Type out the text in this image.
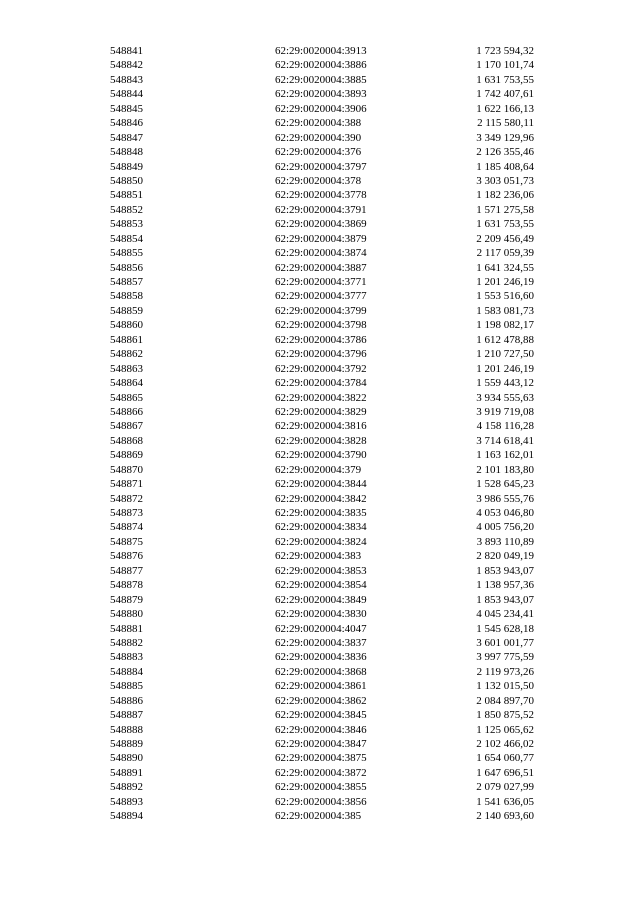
548841	62:29:0020004:3913	1 723 594,32
548842	62:29:0020004:3886	1 170 101,74
548843	62:29:0020004:3885	1 631 753,55
548844	62:29:0020004:3893	1 742 407,61
548845	62:29:0020004:3906	1 622 166,13
548846	62:29:0020004:388	2 115 580,11
548847	62:29:0020004:390	3 349 129,96
548848	62:29:0020004:376	2 126 355,46
548849	62:29:0020004:3797	1 185 408,64
548850	62:29:0020004:378	3 303 051,73
548851	62:29:0020004:3778	1 182 236,06
548852	62:29:0020004:3791	1 571 275,58
548853	62:29:0020004:3869	1 631 753,55
548854	62:29:0020004:3879	2 209 456,49
548855	62:29:0020004:3874	2 117 059,39
548856	62:29:0020004:3887	1 641 324,55
548857	62:29:0020004:3771	1 201 246,19
548858	62:29:0020004:3777	1 553 516,60
548859	62:29:0020004:3799	1 583 081,73
548860	62:29:0020004:3798	1 198 082,17
548861	62:29:0020004:3786	1 612 478,88
548862	62:29:0020004:3796	1 210 727,50
548863	62:29:0020004:3792	1 201 246,19
548864	62:29:0020004:3784	1 559 443,12
548865	62:29:0020004:3822	3 934 555,63
548866	62:29:0020004:3829	3 919 719,08
548867	62:29:0020004:3816	4 158 116,28
548868	62:29:0020004:3828	3 714 618,41
548869	62:29:0020004:3790	1 163 162,01
548870	62:29:0020004:379	2 101 183,80
548871	62:29:0020004:3844	1 528 645,23
548872	62:29:0020004:3842	3 986 555,76
548873	62:29:0020004:3835	4 053 046,80
548874	62:29:0020004:3834	4 005 756,20
548875	62:29:0020004:3824	3 893 110,89
548876	62:29:0020004:383	2 820 049,19
548877	62:29:0020004:3853	1 853 943,07
548878	62:29:0020004:3854	1 138 957,36
548879	62:29:0020004:3849	1 853 943,07
548880	62:29:0020004:3830	4 045 234,41
548881	62:29:0020004:4047	1 545 628,18
548882	62:29:0020004:3837	3 601 001,77
548883	62:29:0020004:3836	3 997 775,59
548884	62:29:0020004:3868	2 119 973,26
548885	62:29:0020004:3861	1 132 015,50
548886	62:29:0020004:3862	2 084 897,70
548887	62:29:0020004:3845	1 850 875,52
548888	62:29:0020004:3846	1 125 065,62
548889	62:29:0020004:3847	2 102 466,02
548890	62:29:0020004:3875	1 654 060,77
548891	62:29:0020004:3872	1 647 696,51
548892	62:29:0020004:3855	2 079 027,99
548893	62:29:0020004:3856	1 541 636,05
548894	62:29:0020004:385	2 140 693,60
